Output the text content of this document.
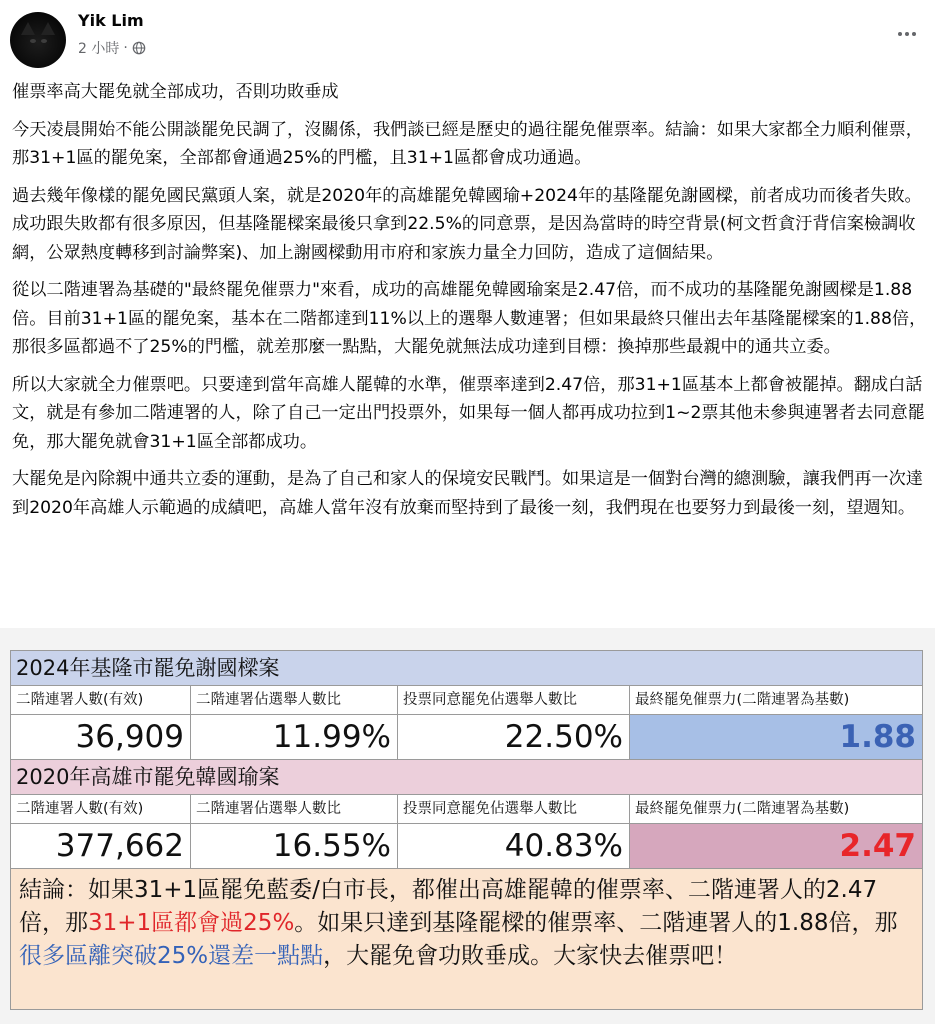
Yik Lim
2 小時 ·

催票率高大罷免就全部成功，否則功敗垂成

今天凌晨開始不能公開談罷免民調了，沒關係，我們談已經是歷史的過往罷免催票率。結論：如果大家都全力順利催票，那31+1區的罷免案，全部都會通過25%的門檻，且31+1區都會成功通過。

過去幾年像樣的罷免國民黨頭人案，就是2020年的高雄罷免韓國瑜+2024年的基隆罷免謝國樑，前者成功而後者失敗。成功跟失敗都有很多原因，但基隆罷樑案最後只拿到22.5%的同意票，是因為當時的時空背景(柯文哲貪汙背信案檢調收網，公眾熱度轉移到討論弊案)、加上謝國樑動用市府和家族力量全力回防，造成了這個結果。

從以二階連署為基礎的"最終罷免催票力"來看，成功的高雄罷免韓國瑜案是2.47倍，而不成功的基隆罷免謝國樑是1.88倍。目前31+1區的罷免案，基本在二階都達到11%以上的選舉人數連署；但如果最終只催出去年基隆罷樑案的1.88倍，那很多區都過不了25%的門檻，就差那麼一點點，大罷免就無法成功達到目標：換掉那些最親中的通共立委。

所以大家就全力催票吧。只要達到當年高雄人罷韓的水準，催票率達到2.47倍，那31+1區基本上都會被罷掉。翻成白話文，就是有參加二階連署的人，除了自己一定出門投票外，如果每一個人都再成功拉到1~2票其他未參與連署者去同意罷免，那大罷免就會31+1區全部都成功。

大罷免是內除親中通共立委的運動，是為了自己和家人的保境安民戰鬥。如果這是一個對台灣的總測驗，讓我們再一次達到2020年高雄人示範過的成績吧，高雄人當年沒有放棄而堅持到了最後一刻，我們現在也要努力到最後一刻，望週知。

2024年基隆市罷免謝國樑案
二階連署人數(有效)	二階連署佔選舉人數比	投票同意罷免佔選舉人數比	最終罷免催票力(二階連署為基數)
36,909	11.99%	22.50%	1.88
2020年高雄市罷免韓國瑜案
二階連署人數(有效)	二階連署佔選舉人數比	投票同意罷免佔選舉人數比	最終罷免催票力(二階連署為基數)
377,662	16.55%	40.83%	2.47
結論：如果31+1區罷免藍委/白市長，都催出高雄罷韓的催票率、二階連署人的2.47倍，那31+1區都會過25%。如果只達到基隆罷樑的催票率、二階連署人的1.88倍，那很多區離突破25%還差一點點，大罷免會功敗垂成。大家快去催票吧！
